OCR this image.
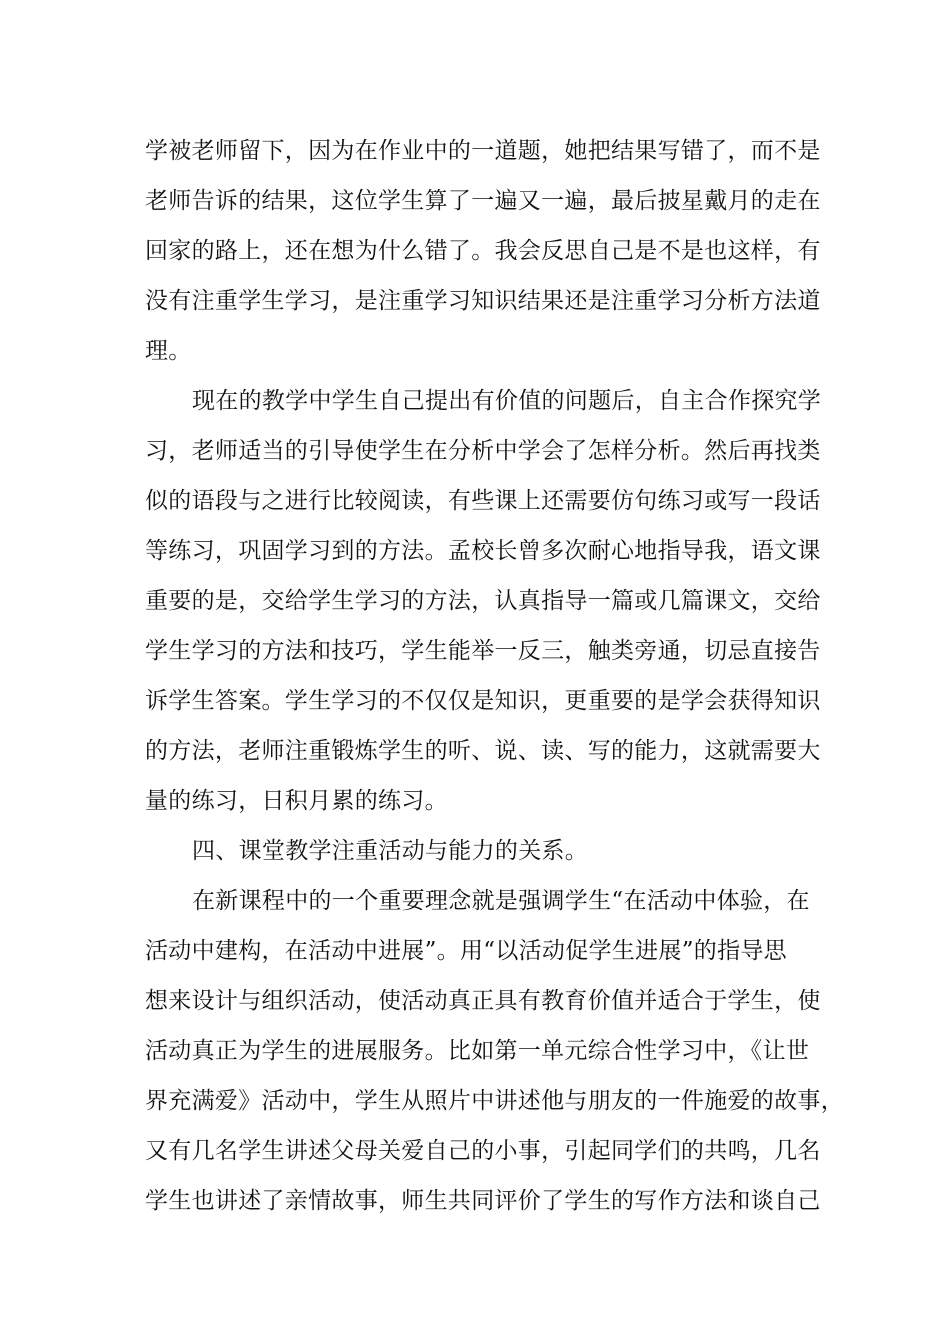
学被老师留下，因为在作业中的一道题，她把结果写错了，而不是
老师告诉的结果，这位学生算了一遍又一遍，最后披星戴月的走在
回家的路上，还在想为什么错了。我会反思自己是不是也这样，有
没有注重学生学习，是注重学习知识结果还是注重学习分析方法道
理。
现在的教学中学生自己提出有价值的问题后，自主合作探究学
习，老师适当的引导使学生在分析中学会了怎样分析。然后再找类
似的语段与之进行比较阅读，有些课上还需要仿句练习或写一段话
等练习，巩固学习到的方法。孟校长曾多次耐心地指导我，语文课
重要的是，交给学生学习的方法，认真指导一篇或几篇课文，交给
学生学习的方法和技巧，学生能举一反三，触类旁通，切忌直接告
诉学生答案。学生学习的不仅仅是知识，更重要的是学会获得知识
的方法，老师注重锻炼学生的听、说、读、写的能力，这就需要大
量的练习，日积月累的练习。
四、课堂教学注重活动与能力的关系。
在新课程中的一个重要理念就是强调学生“在活动中体验，在
活动中建构，在活动中进展”。用“以活动促学生进展”的指导思
想来设计与组织活动，使活动真正具有教育价值并适合于学生，使
活动真正为学生的进展服务。比如第一单元综合性学习中，《让世
界充满爱》活动中，学生从照片中讲述他与朋友的一件施爱的故事，
又有几名学生讲述父母关爱自己的小事，引起同学们的共鸣，几名
学生也讲述了亲情故事，师生共同评价了学生的写作方法和谈自己
